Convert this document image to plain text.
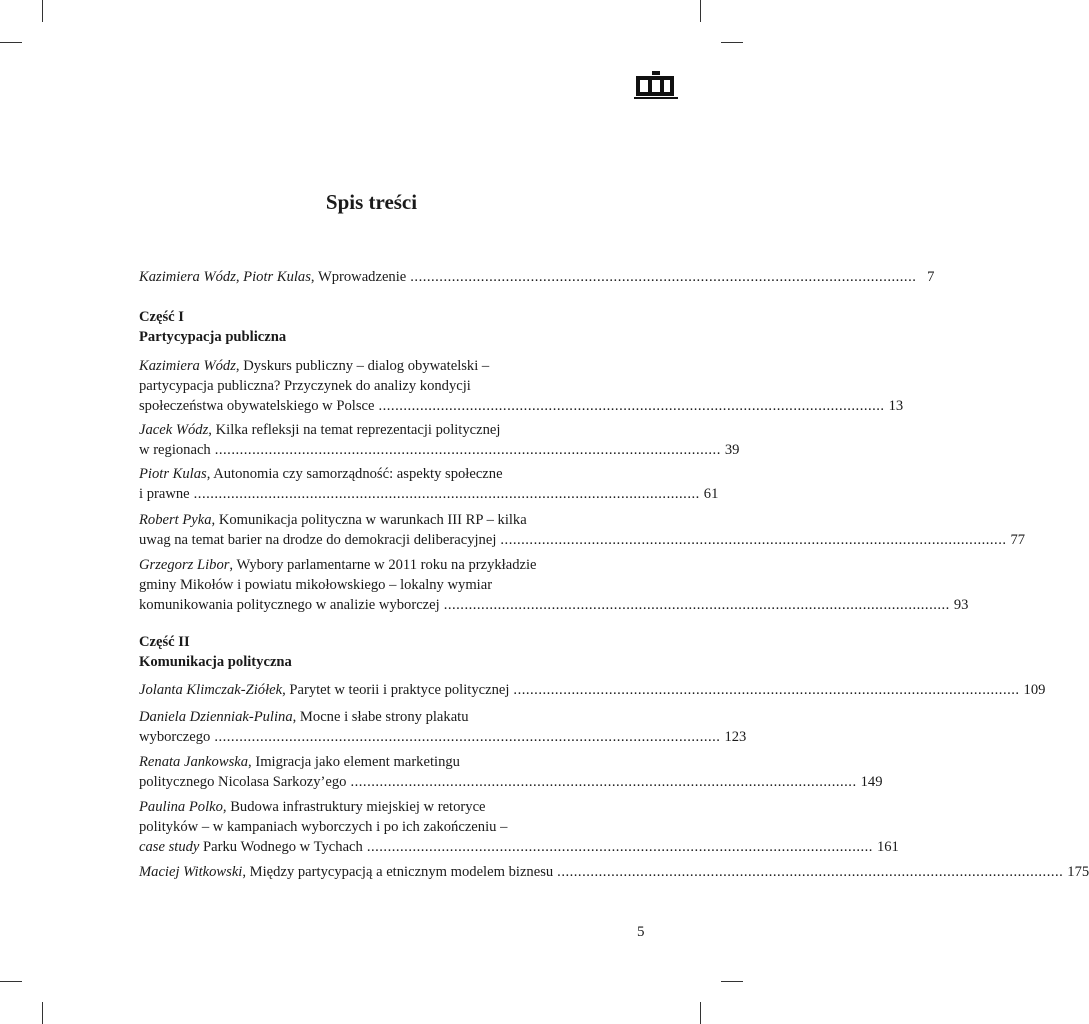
Spis treści
Kazimiera Wódz, Piotr Kulas, Wprowadzenie .......................................................................................................................... 7
Część I
Partycypacja publiczna
Kazimiera Wódz, Dyskurs publiczny – dialog obywatelski –
partycypacja publiczna? Przyczynek do analizy kondycji
społeczeństwa obywatelskiego w Polsce .......................................................................................................................... 13
Jacek Wódz, Kilka refleksji na temat reprezentacji politycznej
w regionach .......................................................................................................................... 39
Piotr Kulas, Autonomia czy samorządność: aspekty społeczne
i prawne .......................................................................................................................... 61
Robert Pyka, Komunikacja polityczna w warunkach III RP – kilka
uwag na temat barier na drodze do demokracji deliberacyjnej .......................................................................................................................... 77
Grzegorz Libor, Wybory parlamentarne w 2011 roku na przykładzie
gminy Mikołów i powiatu mikołowskiego – lokalny wymiar
komunikowania politycznego w analizie wyborczej .......................................................................................................................... 93
Część II
Komunikacja polityczna
Jolanta Klimczak-Ziółek, Parytet w teorii i praktyce politycznej .......................................................................................................................... 109
Daniela Dzienniak-Pulina, Mocne i słabe strony plakatu
wyborczego .......................................................................................................................... 123
Renata Jankowska, Imigracja jako element marketingu
politycznego Nicolasa Sarkozy’ego .......................................................................................................................... 149
Paulina Polko, Budowa infrastruktury miejskiej w retoryce
polityków – w kampaniach wyborczych i po ich zakończeniu –
case study Parku Wodnego w Tychach .......................................................................................................................... 161
Maciej Witkowski, Między partycypacją a etnicznym modelem biznesu .......................................................................................................................... 175
5
